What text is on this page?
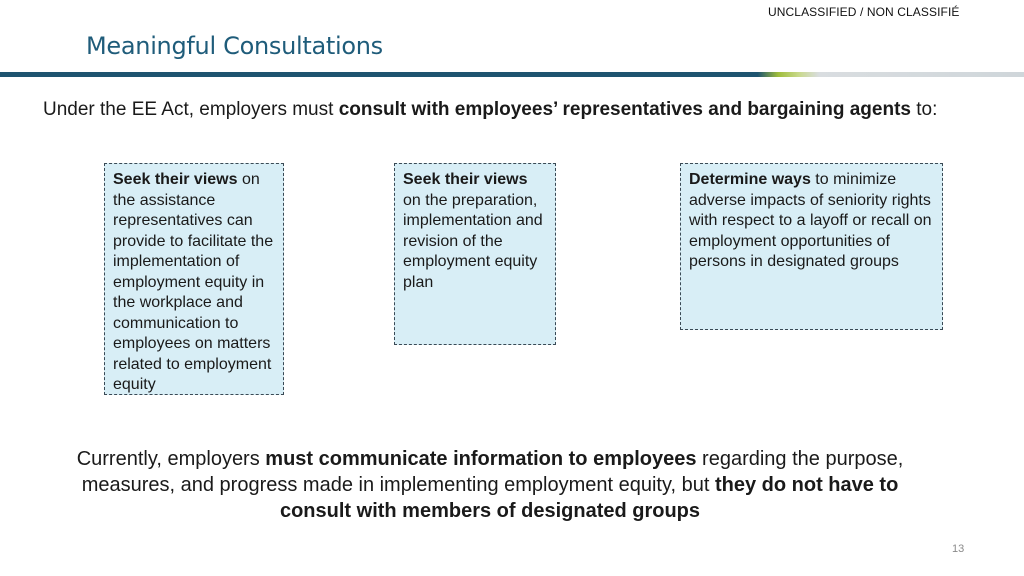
UNCLASSIFIED / NON CLASSIFIÉ
Meaningful Consultations

Under the EE Act, employers must consult with employees’ representatives and bargaining agents to:

Seek their views on the assistance representatives can provide to facilitate the implementation of employment equity in the workplace and communication to employees on matters related to employment equity
Seek their views on the preparation, implementation and revision of the employment equity plan
Determine ways to minimize adverse impacts of seniority rights with respect to a layoff or recall on employment opportunities of persons in designated groups

Currently, employers must communicate information to employees regarding the purpose, measures, and progress made in implementing employment equity, but they do not have to consult with members of designated groups

13
